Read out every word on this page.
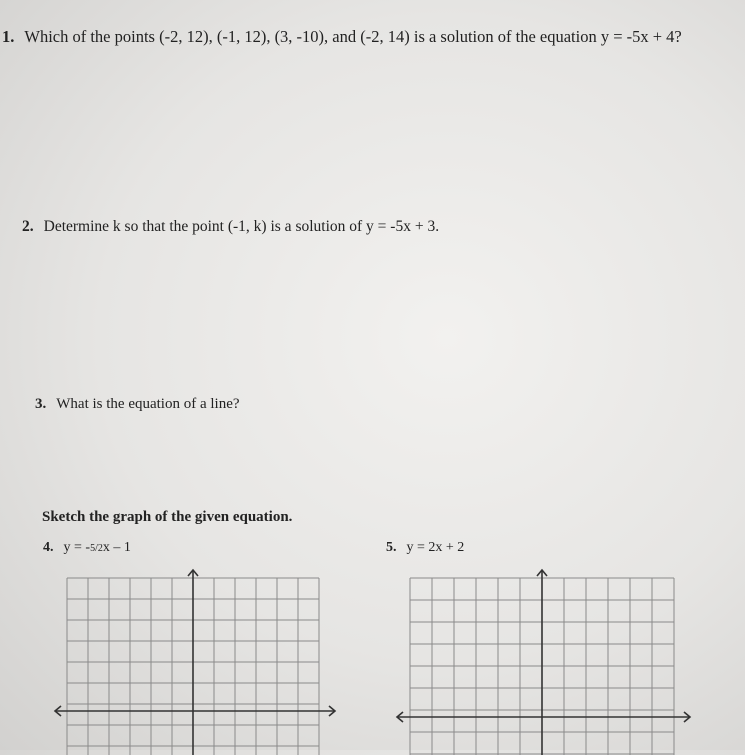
1. Which of the points (-2, 12), (-1, 12), (3, -10), and (-2, 14) is a solution of the equation y = -5x + 4?
2. Determine k so that the point (-1, k) is a solution of y = -5x + 3.
3. What is the equation of a line?
Sketch the graph of the given equation.
4. y = -5/2x – 1	5. y = 2x + 2
